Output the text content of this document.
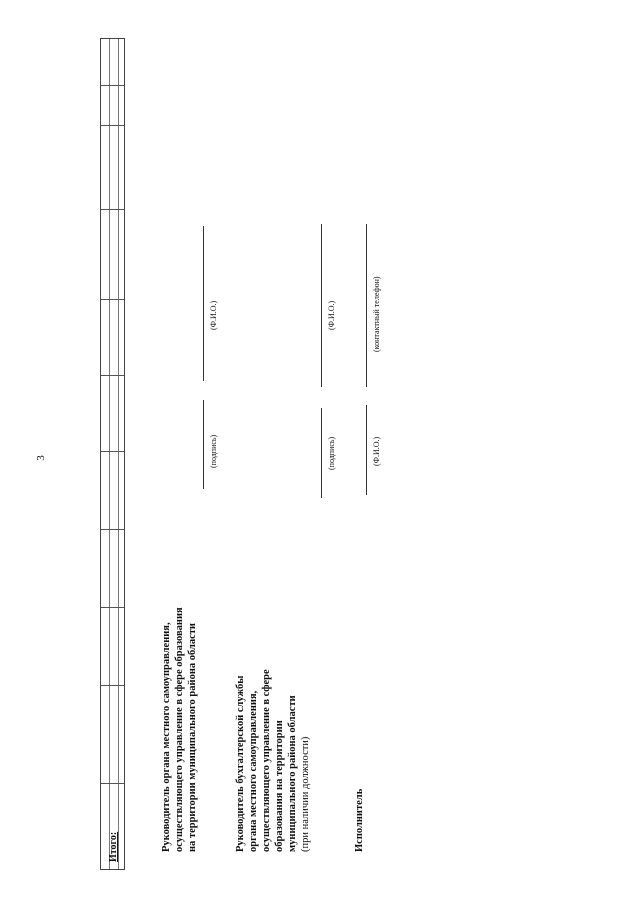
3
Итого:	Руководитель органа местного самоуправления, осуществляющего управление в сфере образования на территории муниципального района области
(подпись)
(Ф.И.О.)
Руководитель бухгалтерской службы органа местного самоуправления, осуществляющего управление в сфере образования на территории муниципального района области (при наличии должности)
(подпись)
(Ф.И.О.)
Исполнитель
(Ф.И.О.)
(контактный телефон)
